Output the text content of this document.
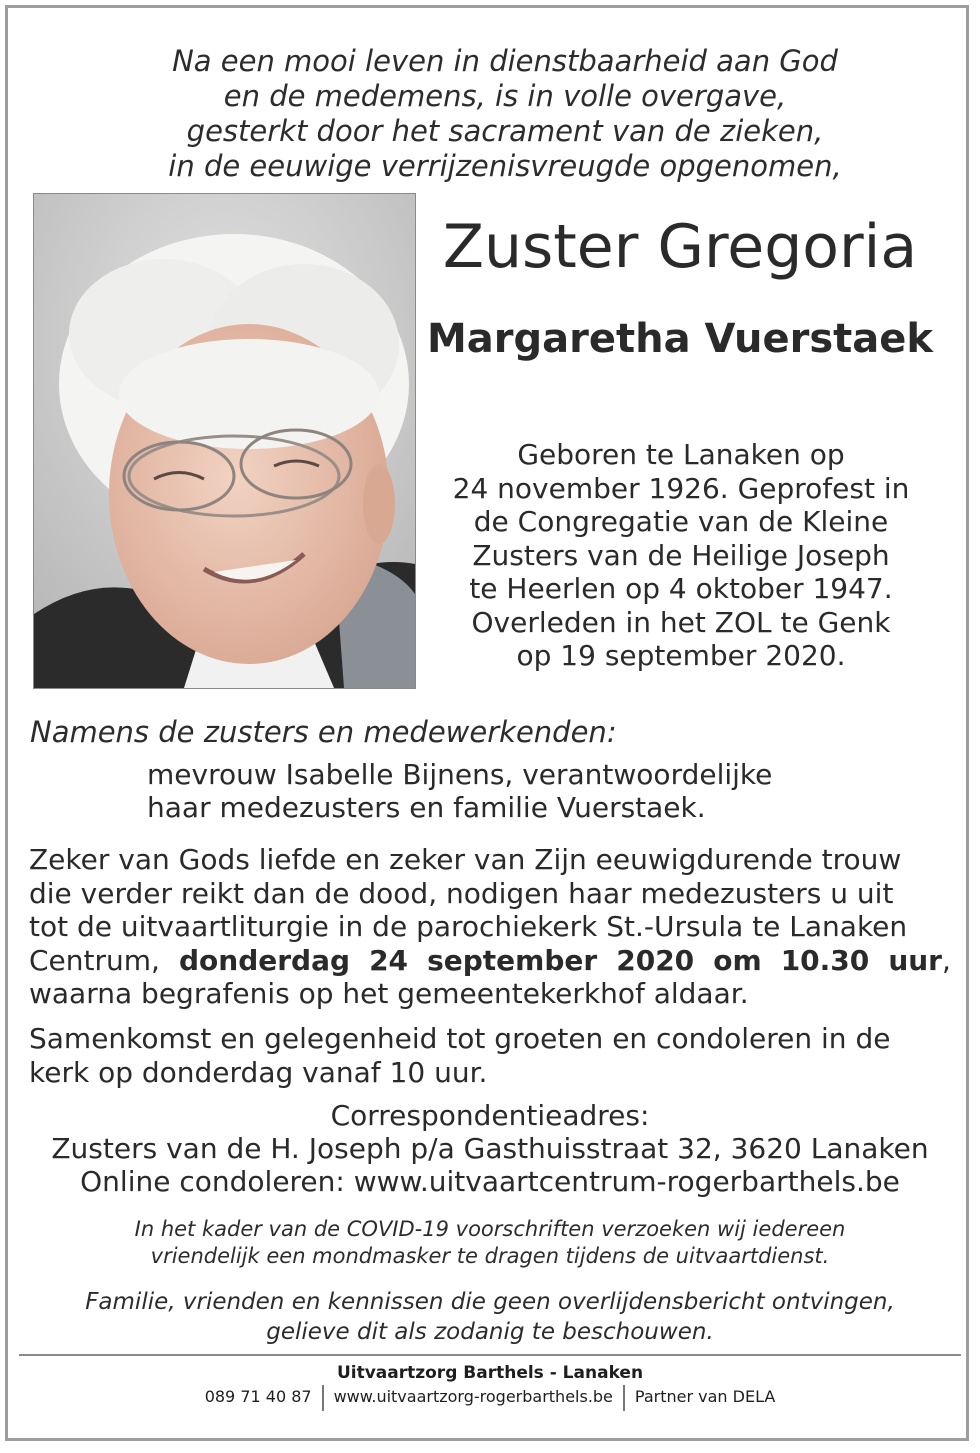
Na een mooi leven in dienstbaarheid aan God
en de medemens, is in volle overgave,
gesterkt door het sacrament van de zieken,
in de eeuwige verrijzenisvreugde opgenomen,
Zuster Gregoria
Margaretha Vuerstaek
Geboren te Lanaken op
24 november 1926. Geprofest in
de Congregatie van de Kleine
Zusters van de Heilige Joseph
te Heerlen op 4 oktober 1947.
Overleden in het ZOL te Genk
op 19 september 2020.
Namens de zusters en medewerkenden:
mevrouw Isabelle Bijnens, verantwoordelijke
haar medezusters en familie Vuerstaek.
Zeker van Gods liefde en zeker van Zijn eeuwigdurende trouw
die verder reikt dan de dood, nodigen haar medezusters u uit
tot de uitvaartliturgie in de parochiekerk St.-Ursula te Lanaken
Centrum, donderdag 24 september 2020 om 10.30 uur,
waarna begrafenis op het gemeentekerkhof aldaar.
Samenkomst en gelegenheid tot groeten en condoleren in de
kerk op donderdag vanaf 10 uur.
Correspondentieadres:
Zusters van de H. Joseph p/a Gasthuisstraat 32, 3620 Lanaken
Online condoleren: www.uitvaartcentrum-rogerbarthels.be
In het kader van de COVID-19 voorschriften verzoeken wij iedereen
vriendelijk een mondmasker te dragen tijdens de uitvaartdienst.
Familie, vrienden en kennissen die geen overlijdensbericht ontvingen,
gelieve dit als zodanig te beschouwen.
Uitvaartzorg Barthels - Lanaken
089 71 40 87 www.uitvaartzorg-rogerbarthels.be Partner van DELA
